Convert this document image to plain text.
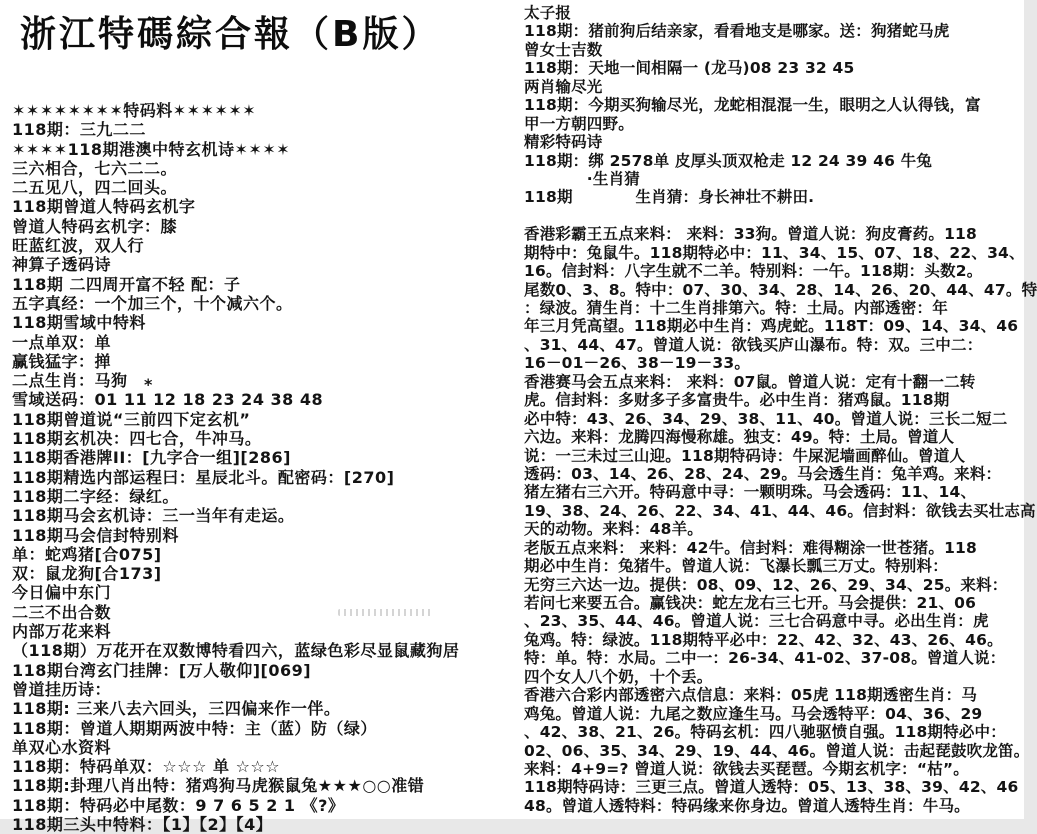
浙江特碼綜合報（B版）
✶✶✶✶✶✶✶✶特码料✶✶✶✶✶✶
118期：三九二二
✶✶✶✶118期港澳中特玄机诗✶✶✶✶
三六相合，七六二二。
二五见八，四二回头。
118期曾道人特码玄机字
曾道人特码玄机字：膝
旺蓝红波，双人行
神算子透码诗
118期 二四周开富不轻 配：子
五字真经：一个加三个，十个减六个。
118期雪域中特料
一点单双：单
赢钱猛字：掸
二点生肖：马狗　⁎
雪域送码：01 11 12 18 23 24 38 48
118期曾道说“三前四下定玄机”
118期玄机决：四七合，牛冲马。
118期香港牌II：[九字合一组][286]
118期精选内部运程曰：星辰北斗。配密码：[270]
118期二字经：绿红。
118期马会玄机诗：三一当年有走运。
118期马会信封特别料
单：蛇鸡猪[合075]
双：鼠龙狗[合173]
今日偏中东门
二三不出合数
内部万花来料
（118期）万花开在双数博特看四六，蓝绿色彩尽显鼠藏狗居
118期台湾玄门挂牌：[万人敬仰][069]
曾道挂历诗：
118期: 三来八去六回头，三四偏来作一伴。
118期：曾道人期期两波中特：主（蓝）防（绿）
单双心水资料
118期：特码单双：☆☆☆ 单 ☆☆☆
118期:卦理八肖出特：猪鸡狗马虎猴鼠兔★★★○○准错
118期：特码必中尾数：9 7 6 5 2 1 《?》
118期三头中特料：【1】【2】【4】
太子报
118期：猪前狗后结亲家，看看地支是哪家。送：狗猪蛇马虎
曾女士吉数
118期：天地一间相隔一 (龙马)08 23 32 45
两肖输尽光
118期：今期买狗输尽光，龙蛇相混混一生，眼明之人认得钱，富
甲一方朝四野。
精彩特码诗
118期：绑 2578单 皮厚头顶双枪走 12 24 39 46 牛兔
　　　　·生肖猜
118期　　　　生肖猜：身长神壮不耕田.
香港彩霸王五点来料： 来料：33狗。曾道人说：狗皮膏药。118
期特中：兔鼠牛。118期特必中：11、34、15、07、18、22、34、
16。信封料：八字生就不二羊。特别料：一午。118期：头数2。
尾数0、3、8。特中：07、30、34、28、14、26、20、44、47。特
：绿波。猜生肖：十二生肖排第六。特：土局。内部透密：年
年三月凭高望。118期必中生肖：鸡虎蛇。118T：09、14、34、46
、31、44、47。曾道人说：欲钱买庐山瀑布。特：双。三中二：
16－01－26、38－19－33。
香港赛马会五点来料： 来料：07鼠。曾道人说：定有十翻一二转
虎。信封料：多财多子多富贵牛。必中生肖：猪鸡鼠。118期
必中特：43、26、34、29、38、11、40。曾道人说：三长二短二
六边。来料：龙腾四海慢称雄。独支：49。特：土局。曾道人
说：一三未过三山迎。118期特码诗：牛屎泥墙画醉仙。曾道人
透码：03、14、26、28、24、29。马会透生肖：兔羊鸡。来料：
猪左猪右三六开。特码意中寻：一颗明珠。马会透码：11、14、
19、38、24、26、22、34、41、44、46。信封料：欲钱去买壮志高
天的动物。来料：48羊。
老版五点来料： 来料：42牛。信封料：难得糊涂一世苍猪。118
期必中生肖：兔猪牛。曾道人说：飞瀑长瓢三万丈。特别料：
无穷三六达一边。提供：08、09、12、26、29、34、25。来料：
若问七来要五合。赢钱决：蛇左龙右三七开。马会提供：21、06
、23、35、44、46。曾道人说：三七合码意中寻。必出生肖：虎
兔鸡。特：绿波。118期特平必中：22、42、32、43、26、46。
特：单。特：水局。二中一：26-34、41-02、37-08。曾道人说：
四个女人八个奶，十个丢。
香港六合彩内部透密六点信息：来料：05虎 118期透密生肖：马
鸡兔。曾道人说：九尾之数应逢生马。马会透特平：04、36、29
、42、38、21、26。特码玄机：四八驰驱愤自强。118期特必中：
02、06、35、34、29、19、44、46。曾道人说：击起琵鼓吹龙笛。
来料：4+9=? 曾道人说：欲钱去买琵琶。今期玄机字：“枯”。
118期特码诗：三更三点。曾道人透特：05、13、38、39、42、46
48。曾道人透特料：特码缘来你身边。曾道人透特生肖：牛马。
